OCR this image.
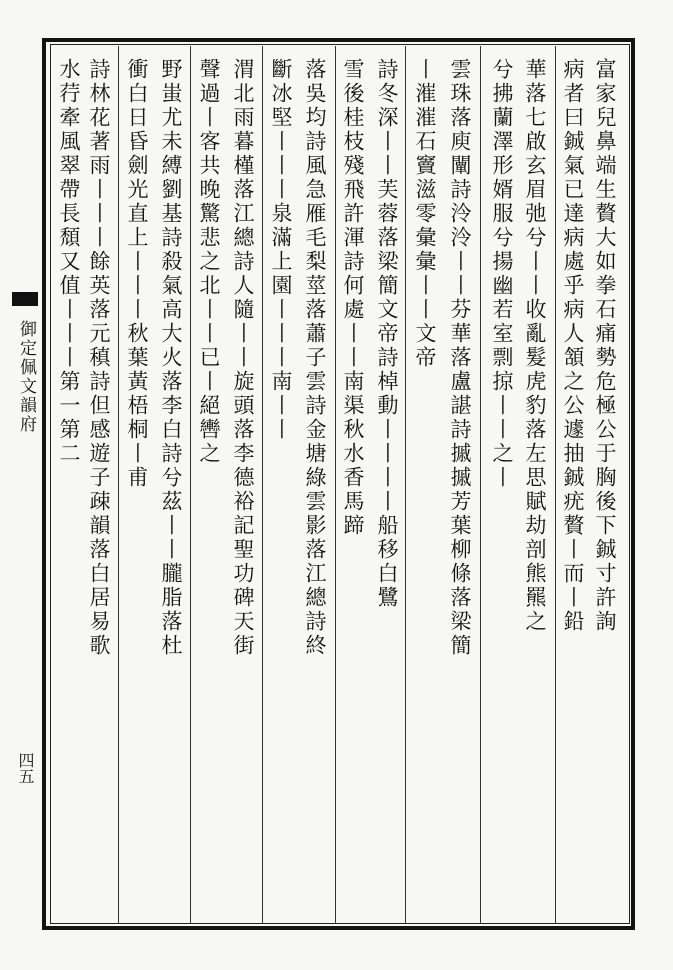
御定佩文韻府
四五
富家兒鼻端生贅大如拳石痛勢危極公于胸後下鋮寸許詢
病者曰鋮氣已達病處乎病人頷之公遽抽鋮疣贅丨而丨鉛
華落七啟玄眉弛兮丨丨收亂髮虎豹落左思賦劫剖熊羆之
兮拂蘭澤形婿服兮揚幽若室剽掠丨丨之丨
雲珠落庾闡詩泠泠丨丨芬華落盧諶詩摵摵芳葉柳條落梁簡
丨漼漼石竇滋零彙彙丨丨文帝
詩冬深丨丨芙蓉落梁簡文帝詩棹動丨丨丨丨船移白鷺
雪後桂枝殘飛許渾詩何處丨丨南渠秋水香馬蹄
落吳均詩風急雁毛梨莖落蕭子雲詩金塘綠雲影落江總詩終
斷冰堅丨丨丨泉滿上園丨丨丨南丨丨
渭北雨暮槿落江總詩人隨丨丨旋頭落李德裕記聖功碑天街
聲過丨客共晚驚悲之北丨丨已丨絕轡之
野蚩尤未縛劉基詩殺氣高大火落李白詩兮茲丨丨朧脂落杜
衝白日昏劍光直上丨丨丨秋葉黃梧桐丨甫
詩林花著雨丨丨丨餘英落元稹詩但感遊子疎韻落白居易歌
水荇牽風翠帶長頹又值丨丨丨第一第二
